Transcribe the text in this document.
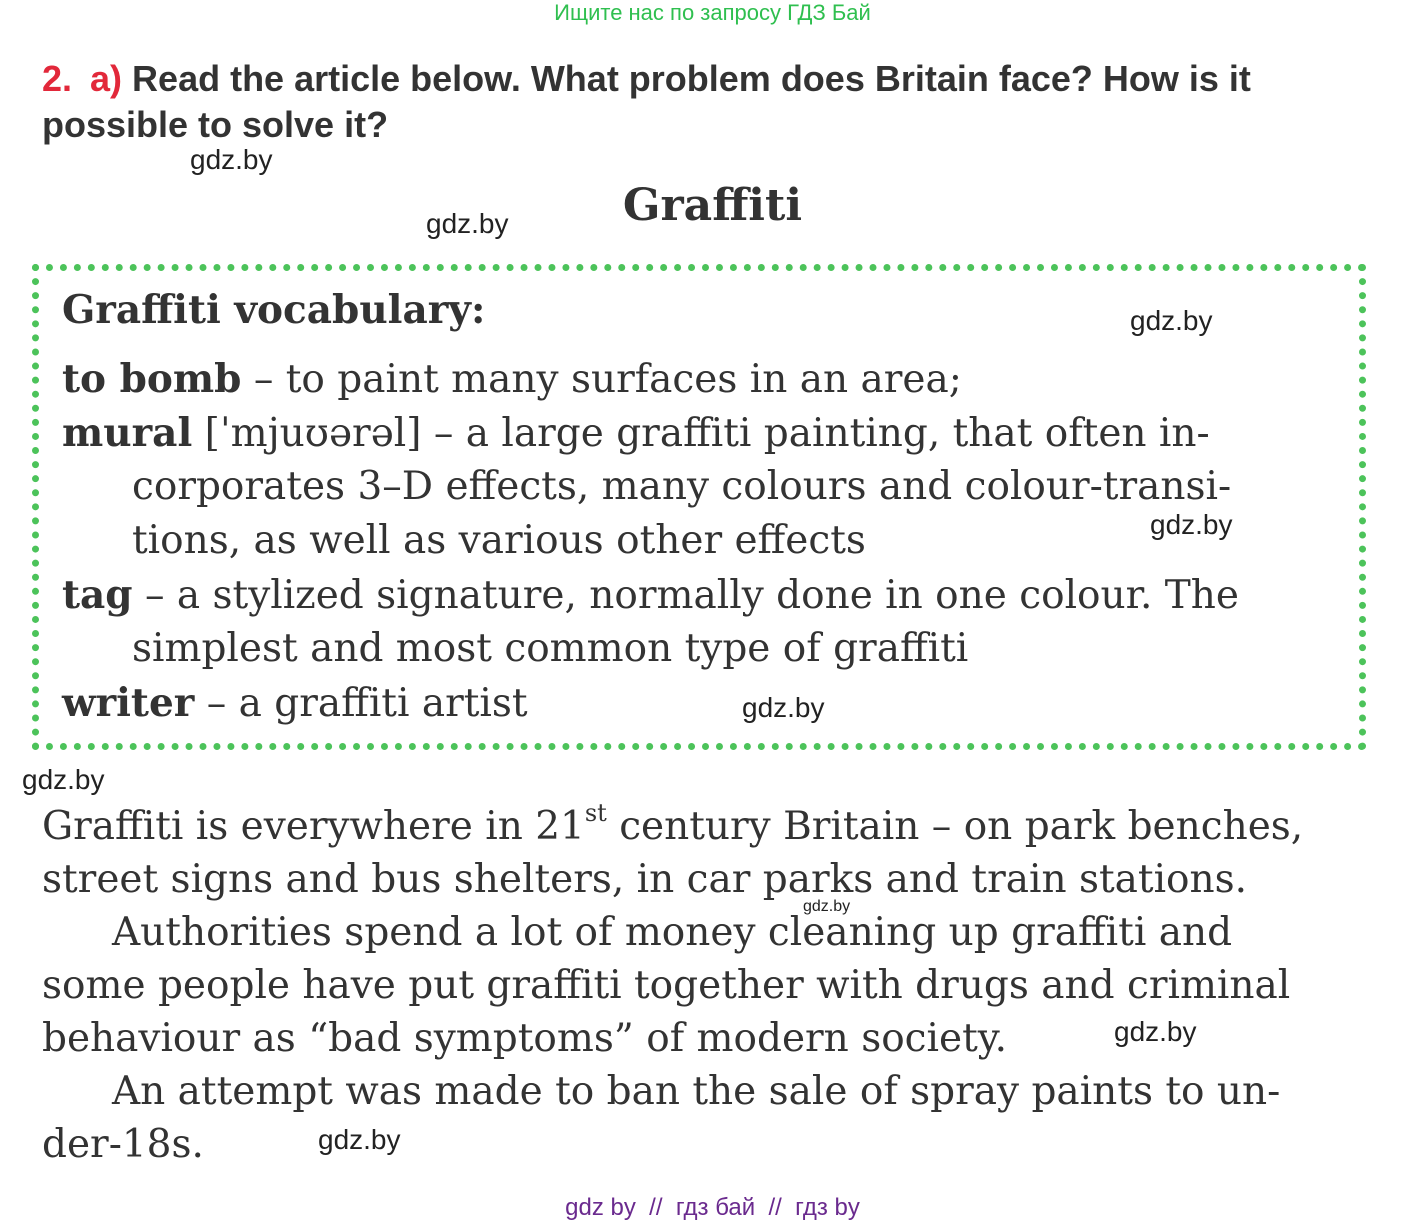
Ищите нас по запросу ГДЗ Бай
2. a) Read the article below. What problem does Britain face? How is it possible to solve it?
gdz.by
gdz.by	Graffiti
Graffiti vocabulary:	gdz.by
to bomb – to paint many surfaces in an area;
mural [ˈmjuʊərəl] – a large graffiti painting, that often in-
corporates 3–D effects, many colours and colour-transi-
tions, as well as various other effects	gdz.by
tag – a stylized signature, normally done in one colour. The
simplest and most common type of graffiti
writer – a graffiti artist	gdz.by
gdz.by
Graffiti is everywhere in 21st century Britain – on park benches,
street signs and bus shelters, in car parks and train stations.
gdz.by
Authorities spend a lot of money cleaning up graffiti and
some people have put graffiti together with drugs and criminal
behaviour as “bad symptoms” of modern society.	gdz.by
An attempt was made to ban the sale of spray paints to un-
der-18s.	gdz.by
gdz by  //  гдз бай  //  гдз by
